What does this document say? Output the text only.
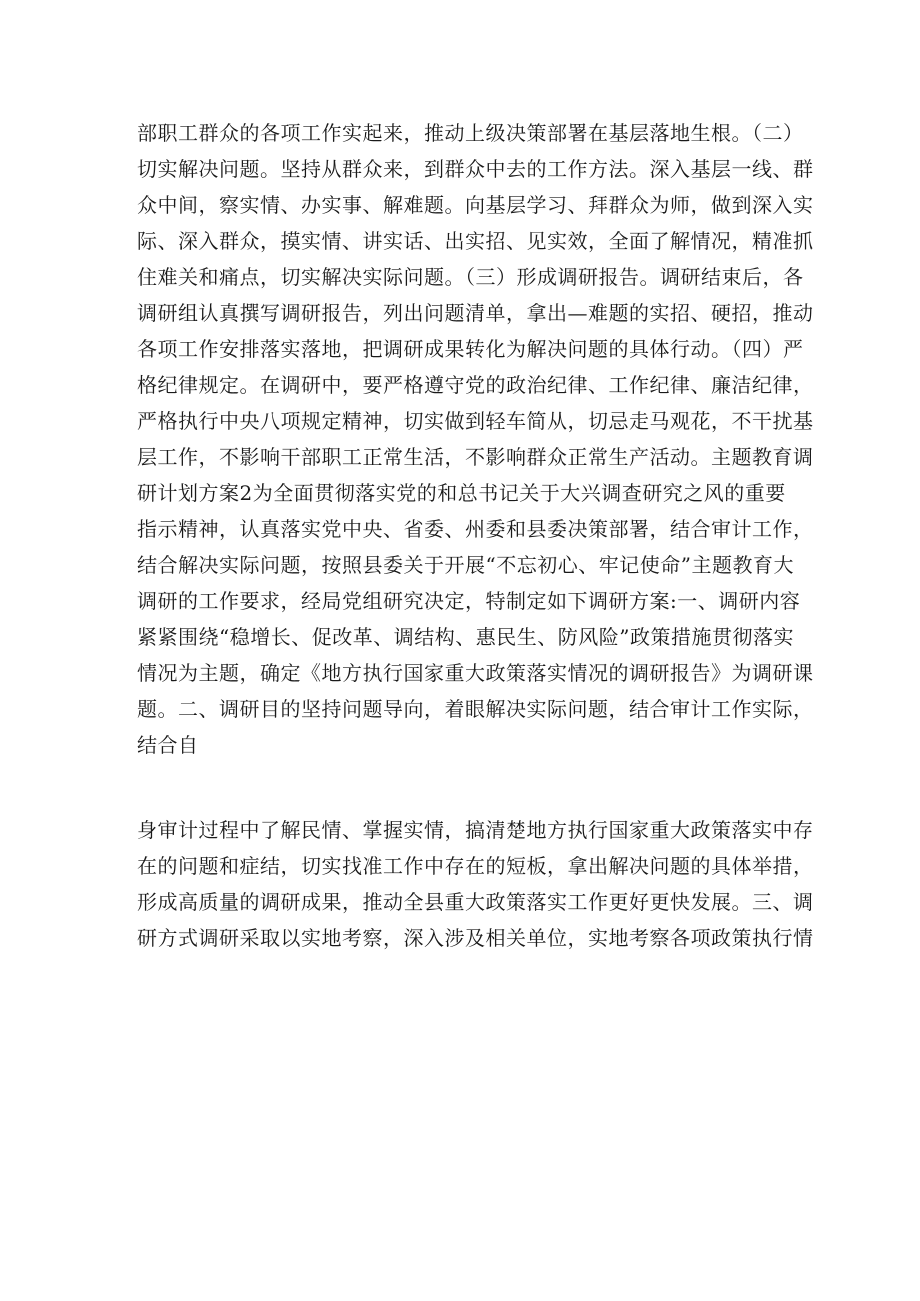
部职工群众的各项工作实起来，推动上级决策部署在基层落地生根。（二）
切实解决问题。坚持从群众来，到群众中去的工作方法。深入基层一线、群
众中间，察实情、办实事、解难题。向基层学习、拜群众为师，做到深入实
际、深入群众，摸实情、讲实话、出实招、见实效，全面了解情况，精准抓
住难关和痛点，切实解决实际问题。（三）形成调研报告。调研结束后，各
调研组认真撰写调研报告，列出问题清单，拿出—难题的实招、硬招，推动
各项工作安排落实落地，把调研成果转化为解决问题的具体行动。（四）严
格纪律规定。在调研中，要严格遵守党的政治纪律、工作纪律、廉洁纪律，
严格执行中央八项规定精神，切实做到轻车简从，切忌走马观花，不干扰基
层工作，不影响干部职工正常生活，不影响群众正常生产活动。主题教育调
研计划方案2为全面贯彻落实党的和总书记关于大兴调查研究之风的重要
指示精神，认真落实党中央、省委、州委和县委决策部署，结合审计工作，
结合解决实际问题，按照县委关于开展“不忘初心、牢记使命”主题教育大
调研的工作要求，经局党组研究决定，特制定如下调研方案:一、调研内容
紧紧围绕“稳增长、促改革、调结构、惠民生、防风险”政策措施贯彻落实
情况为主题，确定《地方执行国家重大政策落实情况的调研报告》为调研课
题。二、调研目的坚持问题导向，着眼解决实际问题，结合审计工作实际，
结合自
身审计过程中了解民情、掌握实情，搞清楚地方执行国家重大政策落实中存
在的问题和症结，切实找准工作中存在的短板，拿出解决问题的具体举措，
形成高质量的调研成果，推动全县重大政策落实工作更好更快发展。三、调
研方式调研采取以实地考察，深入涉及相关单位，实地考察各项政策执行情
